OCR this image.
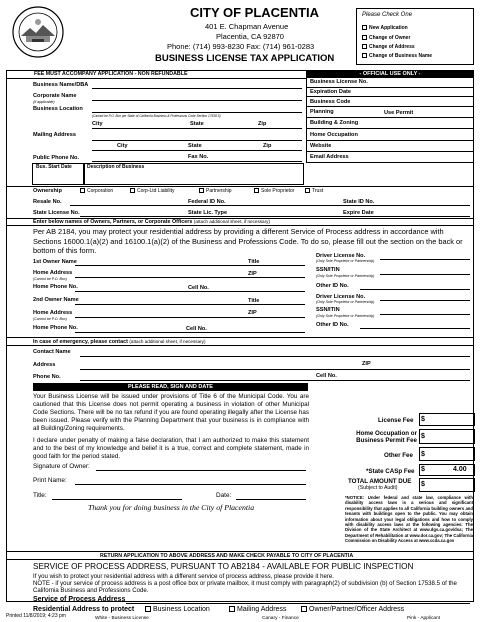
CITY OF PLACENTIA
401 E. Chapman Avenue
Placentia, CA 92870
Phone: (714) 993-8230 Fax: (714) 961-0283
BUSINESS LICENSE TAX APPLICATION
Please Check One
New Application
Change of Owner
Change of Address
Change of Business Name
FEE MUST ACCOMPANY APPLICATION - NON REFUNDABLE
Business Name/DBA
Corporate Name
(If applicable)
Business Location
(Cannot be P.O. Box per State of California Business & Professions Code Section 17538.5)
City	State	Zip
Mailing Address
City	State	Zip
Public Phone No.	Fax No.
Bus. Start Date	Description of Business
- OFFICIAL USE ONLY -
Business License No.
Expiration Date
Business Code
Planning	Use Permit
Building & Zoning
Home Occupation
Website
Email Address
Ownership	Corporation	Corp-Ltd Liability	Partnership	Sole Proprietor	Trust
Resale No.	Federal ID No.	State ID No.
State License No.	State Lic. Type	Expire Date
Enter below names of Owners, Partners, or Corporate Officers (attach additional sheet, if necessary)
Per AB 2184, you may protect your residential address by providing a different Service of Process address in accordance with Sections 16000.1(a)(2) and 16100.1(a)(2) of the Business and Professions Code. To do so, please fill out the section on the back or bottom of this form.
1st Owner Name	Title
Driver License No.
(Only Sole Proprietor or Partnership)
Home Address
(Cannot be P.O. Box)
ZIP
SSN/ITIN
(Only Sole Proprietor or Partnership)
Home Phone No.	Cell No.	Other ID No.
2nd Owner Name	Title
Driver License No.
(Only Sole Proprietor or Partnership)
Home Address
(Cannot be P.O. Box)
ZIP	SSN/ITIN
(Only Sole Proprietor or Partnership)
Home Phone No.	Cell No.
Other ID No.
In case of emergency, please contact (attach additional sheet, if necessary)
Contact Name
Address	ZIP
Phone No.	Cell No.
PLEASE READ, SIGN AND DATE
Your Business License will be issued under provisions of Title 6 of the Municipal Code. You are cautioned that this License does not permit operating a business in violation of other Municipal Code Sections. There will be no tax refund if you are found operating illegally after the License has been issued. Please verify with the Planning Department that your business is in compliance with all Building/Zoning requirements.
I declare under penalty of making a false declaration, that I am authorized to make this statement and to the best of my knowledge and belief it is a true, correct and complete statement, made in good faith for the period stated.
Signature of Owner:
Print Name:
Title:	Date:
Thank you for doing business in the City of Placentia
License Fee $
Home Occupation or Business Permit Fee
$
Other Fee $
*State CASp Fee $	4.00
TOTAL AMOUNT DUE
(Subject to Audit)	$
*NOTICE: Under federal and state law, compliance with disability access laws is a serious and significant responsibility that applies to all California building owners and tenants with buildings open to the public. You may obtain information about your legal obligations and how to comply with disability access laws at the following agencies: The Division of the State Architect at www.dgs.ca.gov/dsa; The Department of Rehabilitation at www.dor.ca.gov; The California Commission on Disability Access at www.ccda.ca.gov
RETURN APPLICATION TO ABOVE ADDRESS AND MAKE CHECK PAYABLE TO CITY OF PLACENTIA
SERVICE OF PROCESS ADDRESS, PURSUANT TO AB2184 - AVAILABLE FOR PUBLIC INSPECTION
If you wish to protect your residential address with a different service of process address, please provide it here.
NOTE - if your service of process address is a post office box or private mailbox, it must comply with paragraph(2) of subdivision (b) of Section 17538.5 of the California Business and Professions Code.
Service of Process Address
Residential Address to protect	Business Location	Mailing Address	Owner/Partner/Officer Address
Printed 11/8/2019; 4:23 pm	White - Business License	Canary - Finance	Pink - Applicant
